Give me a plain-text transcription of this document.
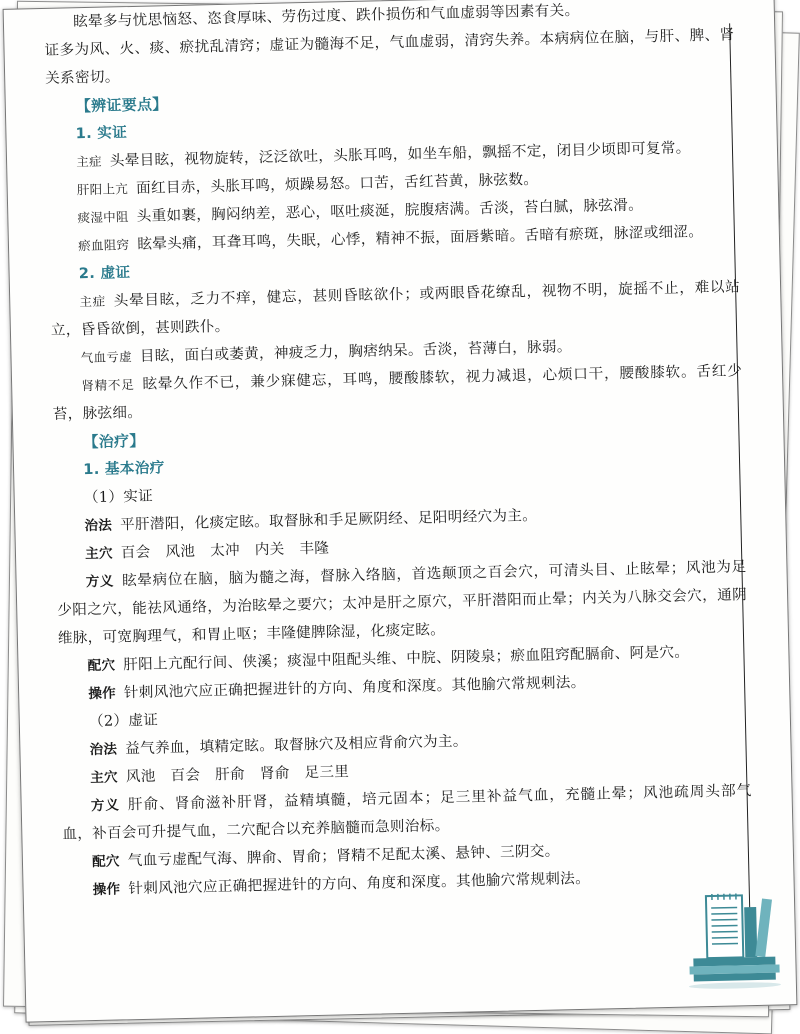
眩晕多与忧思恼怒、恣食厚味、劳伤过度、跌仆损伤和气血虚弱等因素有关。

证多为风、火、痰、瘀扰乱清窍；虚证为髓海不足，气血虚弱，清窍失养。本病病位在脑，与肝、脾、肾关系密切。

【辨证要点】
1. 实证

主症 头晕目眩，视物旋转，泛泛欲吐，头胀耳鸣，如坐车船，飘摇不定，闭目少顷即可复常。

肝阳上亢 面红目赤，头胀耳鸣，烦躁易怒。口苦，舌红苔黄，脉弦数。

痰湿中阻 头重如裹，胸闷纳差，恶心，呕吐痰涎，脘腹痞满。舌淡，苔白腻，脉弦滑。

瘀血阻窍 眩晕头痛，耳聋耳鸣，失眠，心悸，精神不振，面唇紫暗。舌暗有瘀斑，脉涩或细涩。

2. 虚证

主症 头晕目眩，乏力不痒，健忘，甚则昏眩欲仆；或两眼昏花缭乱，视物不明，旋摇不止，难以站立，昏昏欲倒，甚则跌仆。

气血亏虚 目眩，面白或萎黄，神疲乏力，胸痞纳呆。舌淡，苔薄白，脉弱。

肾精不足 眩晕久作不已，兼少寐健忘，耳鸣，腰酸膝软，视力减退，心烦口干，腰酸膝软。舌红少苔，脉弦细。

【治疗】
1. 基本治疗
（1）实证

治法 平肝潜阳，化痰定眩。取督脉和手足厥阴经、足阳明经穴为主。

主穴 百会　风池　太冲　内关　丰隆

方义 眩晕病位在脑，脑为髓之海，督脉入络脑，首选颠顶之百会穴，可清头目、止眩晕；风池为足少阳之穴，能祛风通络，为治眩晕之要穴；太冲是肝之原穴，平肝潜阳而止晕；内关为八脉交会穴，通阴维脉，可宽胸理气，和胃止呕；丰隆健脾除湿，化痰定眩。

配穴 肝阳上亢配行间、侠溪；痰湿中阻配头维、中脘、阴陵泉；瘀血阻窍配膈俞、阿是穴。

操作 针刺风池穴应正确把握进针的方向、角度和深度。其他腧穴常规刺法。

（2）虚证

治法 益气养血，填精定眩。取督脉穴及相应背俞穴为主。

主穴 风池　百会　肝俞　肾俞　足三里

方义 肝俞、肾俞滋补肝肾，益精填髓，培元固本；足三里补益气血，充髓止晕；风池疏周头部气血，补百会可升提气血，二穴配合以充养脑髓而急则治标。

配穴 气血亏虚配气海、脾俞、胃俞；肾精不足配太溪、悬钟、三阴交。

操作 针刺风池穴应正确把握进针的方向、角度和深度。其他腧穴常规刺法。
